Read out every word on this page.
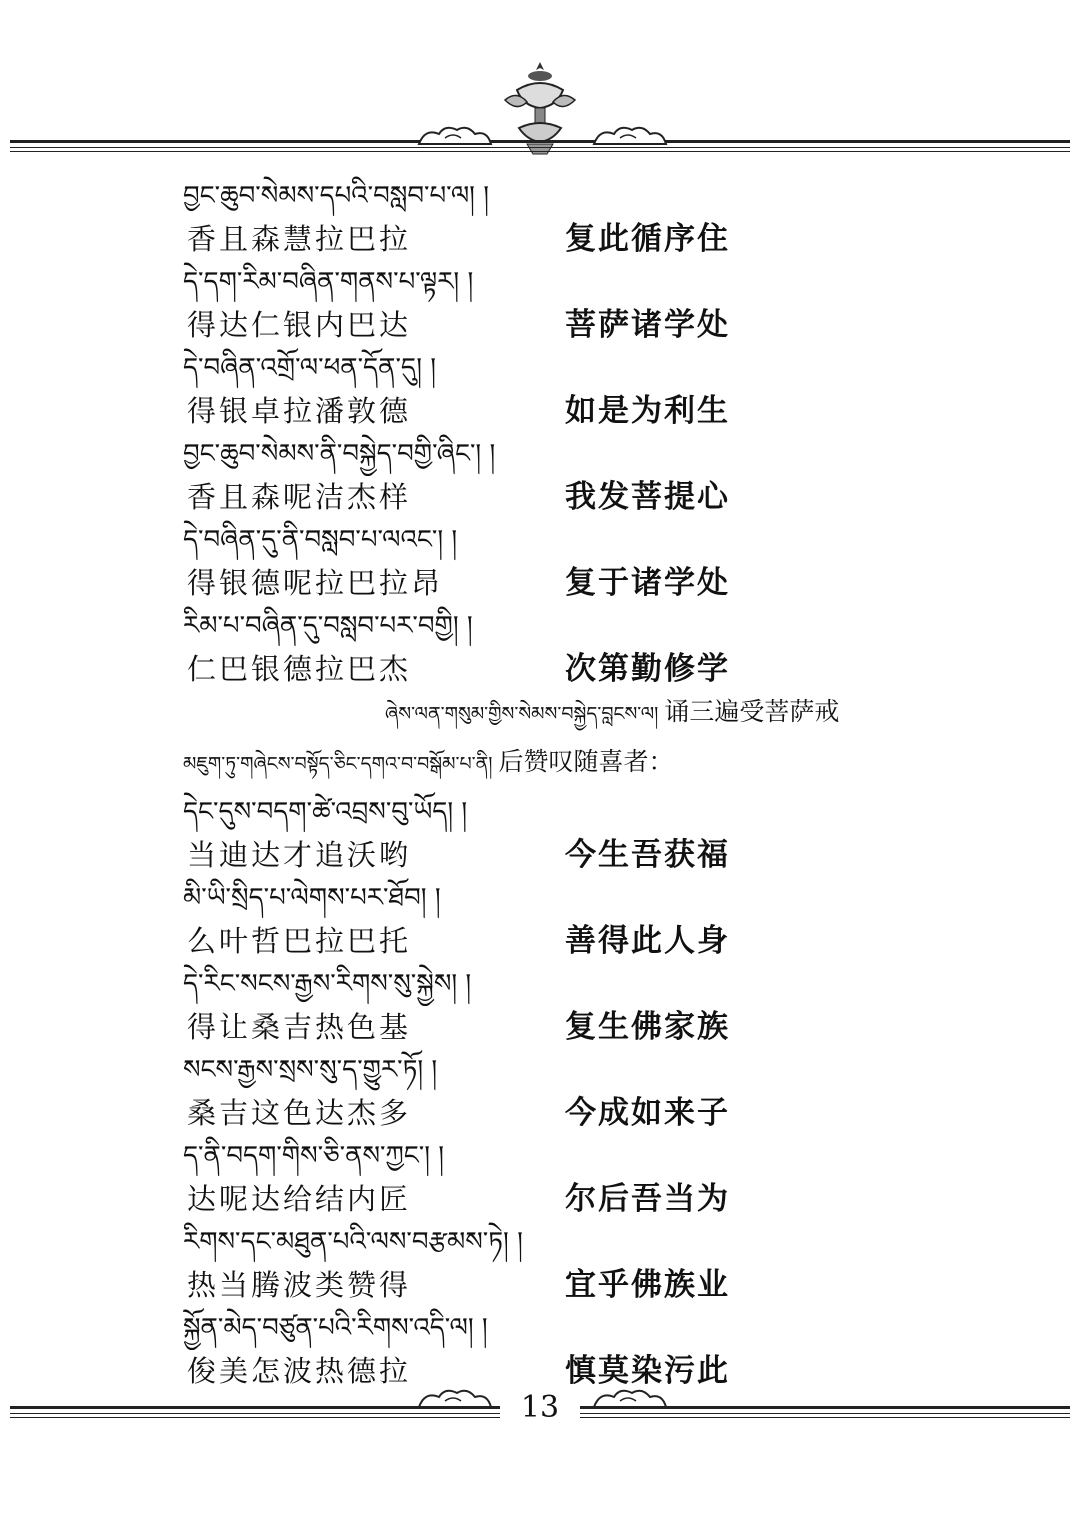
བྱང་ཆུབ་སེམས་དཔའི་བསླབ་པ་ལ། །
香且森慧拉巴拉	复此循序住
དེ་དག་རིམ་བཞིན་གནས་པ་ལྟར། །
得达仁银内巴达	菩萨诸学处
དེ་བཞིན་འགྲོ་ལ་ཕན་དོན་དུ། །
得银卓拉潘敦德	如是为利生
བྱང་ཆུབ་སེམས་ནི་བསྐྱེད་བགྱི་ཞིང་། །
香且森呢洁杰样	我发菩提心
དེ་བཞིན་དུ་ནི་བསླབ་པ་ལའང་། །
得银德呢拉巴拉昂	复于诸学处
རིམ་པ་བཞིན་དུ་བསླབ་པར་བགྱི། །
仁巴银德拉巴杰	次第勤修学
ཞེས་ལན་གསུམ་གྱིས་སེམས་བསྐྱེད་བླངས་ལ། 诵三遍受菩萨戒
མཇུག་ཏུ་གཞེངས་བསྟོད་ཅིང་དགའ་བ་བསྒོམ་པ་ནི། 后赞叹随喜者：
དེང་དུས་བདག་ཚེ་འབྲས་བུ་ཡོད། །
当迪达才追沃哟	今生吾获福
མི་ཡི་སྲིད་པ་ལེགས་པར་ཐོབ། །
么叶哲巴拉巴托	善得此人身
དེ་རིང་སངས་རྒྱས་རིགས་སུ་སྐྱེས། །
得让桑吉热色基	复生佛家族
སངས་རྒྱས་སྲས་སུ་ད་གྱུར་ཏོ། །
桑吉这色达杰多	今成如来子
ད་ནི་བདག་གིས་ཅི་ནས་ཀྱང་། །
达呢达给结内匠	尔后吾当为
རིགས་དང་མཐུན་པའི་ལས་བརྩམས་ཏེ། །
热当腾波类赞得	宜乎佛族业
སྐྱོན་མེད་བཙུན་པའི་རིགས་འདི་ལ། །
俊美怎波热德拉	慎莫染污此
13
